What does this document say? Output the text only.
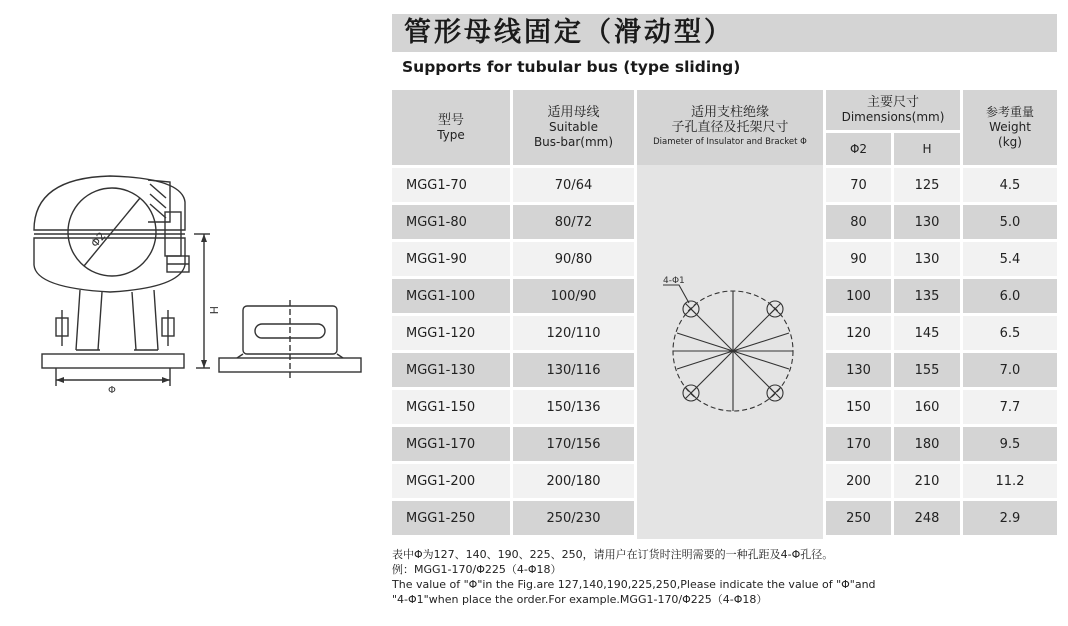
管形母线固定（滑动型）
Supports for tubular bus (type sliding)
Φ2
H
Φ
型号
Type
适用母线
Suitable
Bus-bar(mm)
适用支柱绝缘
子孔直径及托架尺寸
Diameter of Insulator and Bracket Φ
主要尺寸
Dimensions(mm)
Φ2	H
参考重量
Weight
(kg)
4-Φ1
MGG1-70	70/64	70	125	4.5
MGG1-80	80/72	80	130	5.0
MGG1-90	90/80	90	130	5.4
MGG1-100	100/90	100	135	6.0
MGG1-120	120/110	120	145	6.5
MGG1-130	130/116	130	155	7.0
MGG1-150	150/136	150	160	7.7
MGG1-170	170/156	170	180	9.5
MGG1-200	200/180	200	210	11.2
MGG1-250	250/230	250	248	2.9
表中Φ为127、140、190、225、250，请用户在订货时注明需要的一种孔距及4-Φ孔径。
例：MGG1-170/Φ225（4-Φ18）
The value of "Φ"in the Fig.are 127,140,190,225,250,Please indicate the value of "Φ"and
"4-Φ1"when place the order.For example.MGG1-170/Φ225（4-Φ18）
